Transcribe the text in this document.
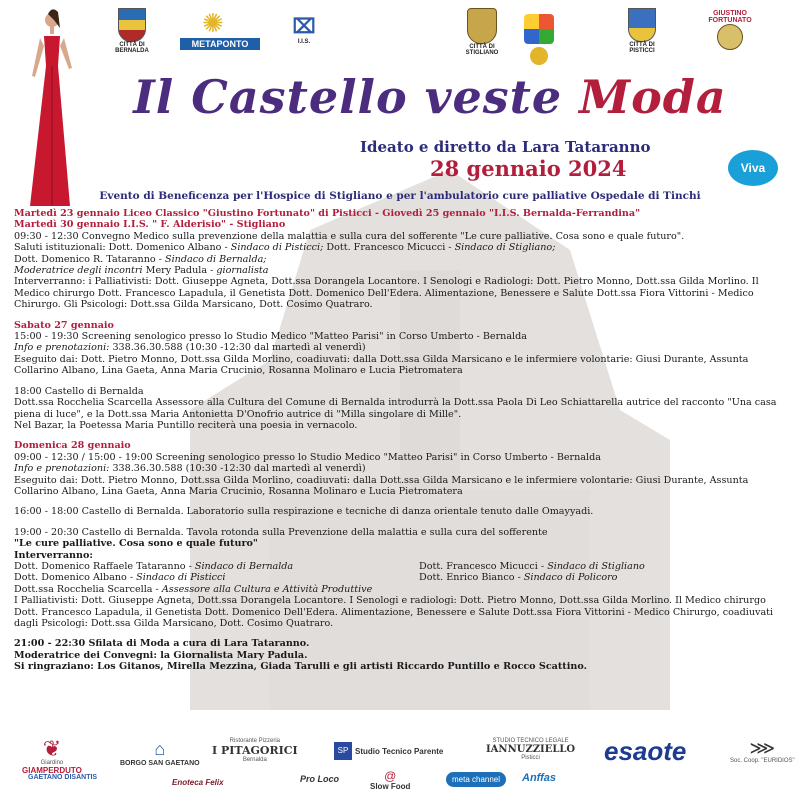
CITTÀ DI
BERNALDA
✺
METAPONTO
⌧
I.I.S.
CITTÀ DI
STIGLIANO
CITTÀ DI
PISTICCI
GIUSTINO
FORTUNATO
Il Castello veste Moda
Ideato e diretto da Lara Tataranno
28 gennaio 2024	Viva
Evento di Beneficenza per l'Hospice di Stigliano e per l'ambulatorio cure palliative Ospedale di Tinchi

Martedì 23 gennaio Liceo Classico "Giustino Fortunato" di Pisticci - Giovedì 25 gennaio "I.I.S. Bernalda-Ferrandina"

Martedì 30 gennaio I.I.S. " F. Alderisio" - Stigliano

09:30 - 12:30 Convegno Medico sulla prevenzione della malattia e sulla cura del sofferente "Le cure palliative. Cosa sono e quale futuro".

Saluti istituzionali: Dott. Domenico Albano - Sindaco di Pisticci; Dott. Francesco Micucci - Sindaco di Stigliano;

Dott. Domenico R. Tataranno - Sindaco di Bernalda;

Moderatrice degli incontri Mery Padula - giornalista

Interverranno: i Palliativisti: Dott. Giuseppe Agneta, Dott.ssa Dorangela Locantore. I Senologi e Radiologi: Dott. Pietro Monno, Dott.ssa Gilda Morlino. Il Medico chirurgo Dott. Francesco Lapadula, il Genetista Dott. Domenico Dell'Edera. Alimentazione, Benessere e Salute Dott.ssa Fiora Vittorini - Medico Chirurgo. Gli Psicologi: Dott.ssa Gilda Marsicano, Dott. Cosimo Quatraro.

Sabato 27 gennaio

15:00 - 19:30 Screening senologico presso lo Studio Medico "Matteo Parisi" in Corso Umberto - Bernalda

Info e prenotazioni: 338.36.30.588 (10:30 -12:30 dal martedì al venerdì)

Eseguito dai: Dott. Pietro Monno, Dott.ssa Gilda Morlino, coadiuvati: dalla Dott.ssa Gilda Marsicano e le infermiere volontarie: Giusi Durante, Assunta Collarino Albano, Lina Gaeta, Anna Maria Crucinio, Rosanna Molinaro e Lucia Pietromatera

18:00 Castello di Bernalda

Dott.ssa Rocchelia Scarcella Assessore alla Cultura del Comune di Bernalda introdurrà la Dott.ssa Paola Di Leo Schiattarella autrice del racconto "Una casa piena di luce", e la Dott.ssa Maria Antonietta D'Onofrio autrice di "Milla singolare di Mille".

Nel Bazar, la Poetessa Maria Puntillo reciterà una poesia in vernacolo.

Domenica 28 gennaio

09:00 - 12:30 / 15:00 - 19:00 Screening senologico presso lo Studio Medico "Matteo Parisi" in Corso Umberto - Bernalda

Info e prenotazioni: 338.36.30.588 (10:30 -12:30 dal martedì al venerdì)

Eseguito dai: Dott. Pietro Monno, Dott.ssa Gilda Morlino, coadiuvati: dalla Dott.ssa Gilda Marsicano e le infermiere volontarie: Giusi Durante, Assunta Collarino Albano, Lina Gaeta, Anna Maria Crucinio, Rosanna Molinaro e Lucia Pietromatera

16:00 - 18:00 Castello di Bernalda. Laboratorio sulla respirazione e tecniche di danza orientale tenuto dalle Omayyadi.

19:00 - 20:30 Castello di Bernalda. Tavola rotonda sulla Prevenzione della malattia e sulla cura del sofferente

"Le cure palliative. Cosa sono e quale futuro"

Interverranno:

Dott. Domenico Raffaele Tataranno - Sindaco di Bernalda	Dott. Francesco Micucci - Sindaco di Stigliano
Dott. Domenico Albano - Sindaco di Pisticci	Dott. Enrico Bianco - Sindaco di Policoro

Dott.ssa Rocchelia Scarcella - Assessore alla Cultura e Attività Produttive

I Palliativisti: Dott. Giuseppe Agneta, Dott.ssa Dorangela Locantore. I Senologi e radiologi: Dott. Pietro Monno, Dott.ssa Gilda Morlino. Il Medico chirurgo Dott. Francesco Lapadula, il Genetista Dott. Domenico Dell'Edera. Alimentazione, Benessere e Salute Dott.ssa Fiora Vittorini - Medico Chirurgo, coadiuvati dagli Psicologi: Dott.ssa Gilda Marsicano, Dott. Cosimo Quatraro.

21:00 - 22:30 Sfilata di Moda a cura di Lara Tataranno.

Moderatrice dei Convegni: la Giornalista Mary Padula.

Si ringraziano: Los Gitanos, Mirella Mezzina, Giada Tarulli e gli artisti Riccardo Puntillo e Rocco Scattino.

❦
Giardino
GIAMPERDUTO
⌂
BORGO SAN GAETANO
Ristorante Pizzeria
I PITAGORICI
Bernalda
SP Studio Tecnico Parente
STUDIO TECNICO LEGALE
IANNUZZIELLO
Pisticci	esaote	⋙
Soc. Coop. "EURIDIOS"
GAETANO DISANTIS
Enoteca Felix	Pro Loco	@
Slow Food
meta channel	Anffas
